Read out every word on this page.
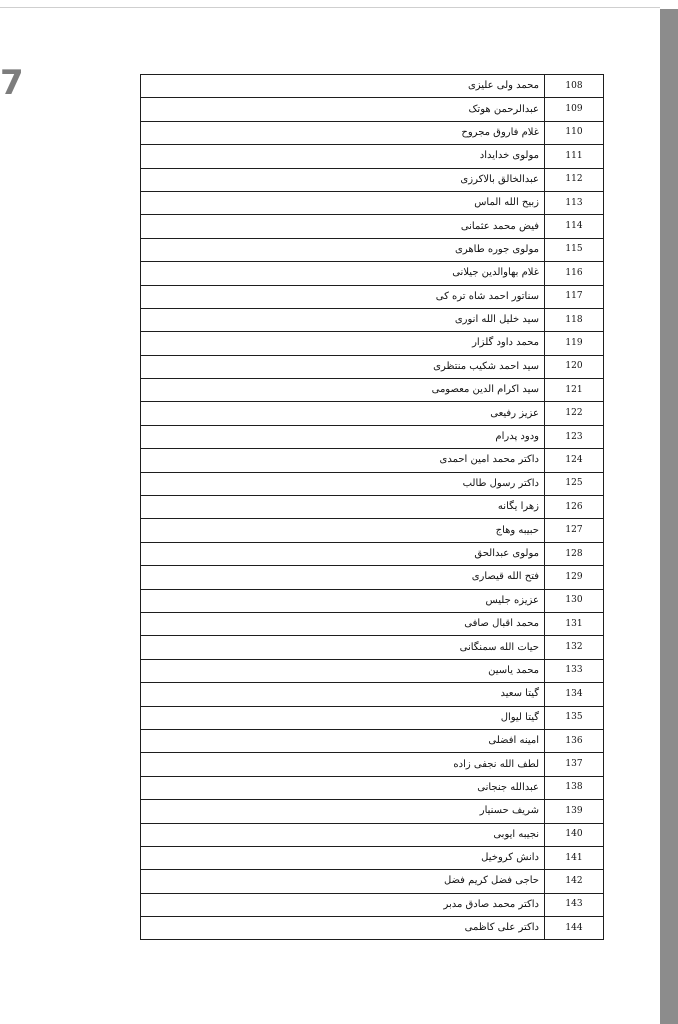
7	محمد ولی علیزی	108
عبدالرحمن هوتک	109
غلام فاروق مجروح	110
مولوی خدایداد	111
عبدالخالق بالاکرزی	112
زبیح الله الماس	113
فیض محمد عثمانی	114
مولوی جوره طاهری	115
غلام بهاوالدین جیلانی	116
سناتور احمد شاه تره کی	117
سید خلیل الله انوری	118
محمد داود گلزار	119
سید احمد شکیب منتظری	120
سید اکرام الدین معصومی	121
عزیز رفیعی	122
ودود پدرام	123
داکتر محمد امین احمدی	124
داکتر رسول طالب	125
زهرا یگانه	126
حبیبه وهاج	127
مولوی عبدالحق	128
فتح الله قیصاری	129
عزیزه جلیس	130
محمد اقبال صافی	131
حیات الله سمنگانی	132
محمد یاسین	133
گیتا سعید	134
گیتا لیوال	135
امینه افضلی	136
لطف الله نجفی زاده	137
عبدالله جنجانی	138
شریف حسنیار	139
نجیبه ایوبی	140
دانش کروخیل	141
حاجی فضل کریم فضل	142
داکتر محمد صادق مدبر	143
داکتر علی کاظمی	144
